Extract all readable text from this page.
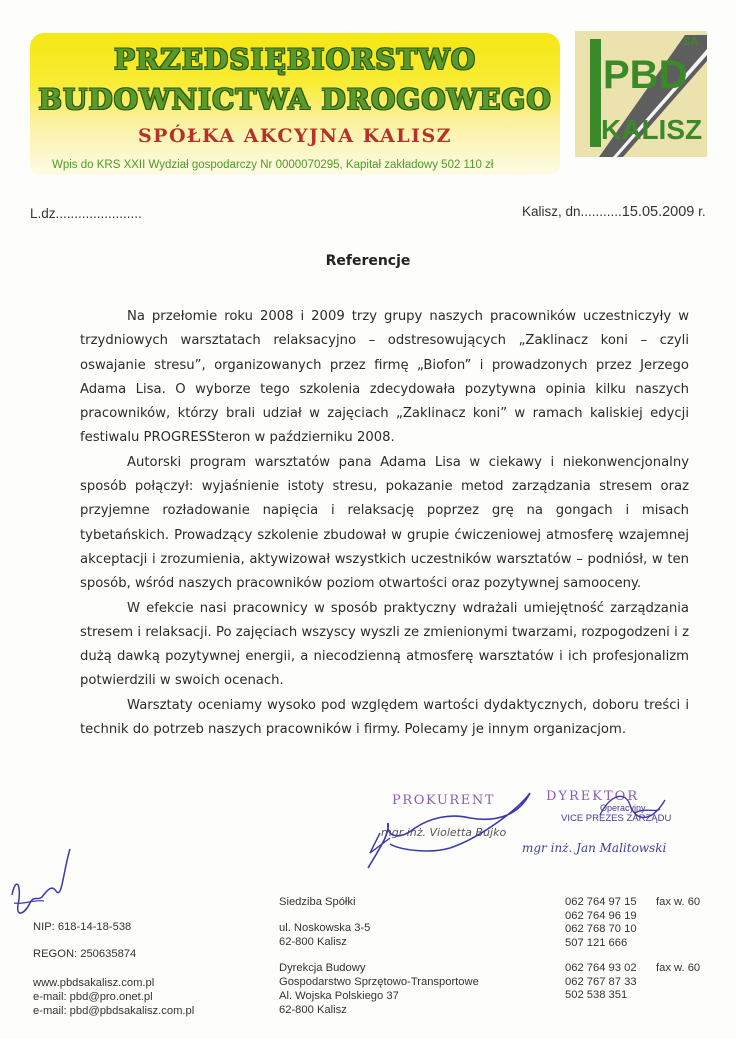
PRZEDSIĘBIORSTWO
BUDOWNICTWA DROGOWEGO
SPÓŁKA AKCYJNA KALISZ
Wpis do KRS XXII Wydział gospodarczy Nr 0000070295, Kapitał zakładowy 502 110 zł
PBD
SA
KALISZ
L.dz.......................	Kalisz, dn...........15.05.2009 r.
Referencje

Na przełomie roku 2008 i 2009 trzy grupy naszych pracowników uczestniczyły w trzydniowych warsztatach relaksacyjno – odstresowujących „Zaklinacz koni – czyli oswajanie stresu”, organizowanych przez firmę „Biofon” i prowadzonych przez Jerzego Adama Lisa. O wyborze tego szkolenia zdecydowała pozytywna opinia kilku naszych pracowników, którzy brali udział w zajęciach „Zaklinacz koni” w ramach kaliskiej edycji festiwalu PROGRESSteron w październiku 2008.

Autorski program warsztatów pana Adama Lisa w ciekawy i niekonwencjonalny sposób połączył: wyjaśnienie istoty stresu, pokazanie metod zarządzania stresem oraz przyjemne rozładowanie napięcia i relaksację poprzez grę na gongach i misach tybetańskich. Prowadzący szkolenie zbudował w grupie ćwiczeniowej atmosferę wzajemnej akceptacji i zrozumienia, aktywizował wszystkich uczestników warsztatów – podniósł, w ten sposób, wśród naszych pracowników poziom otwartości oraz pozytywnej samooceny.

W efekcie nasi pracownicy w sposób praktyczny wdrażali umiejętność zarządzania stresem i relaksacji. Po zajęciach wszyscy wyszli ze zmienionymi twarzami, rozpogodzeni i z dużą dawką pozytywnej energii, a niecodzienną atmosferę warsztatów i ich profesjonalizm potwierdzili w swoich ocenach.

Warsztaty oceniamy wysoko pod względem wartości dydaktycznych, doboru treści i technik do potrzeb naszych pracowników i firmy. Polecamy je innym organizacjom.

PROKURENT
mgr inż. Violetta Bujko
DYREKTOR
Operacyjny
VICE PREZES ZARZĄDU
mgr inż. Jan Malitowski
NIP: 618-14-18-538
REGON: 250635874
www.pbdsakalisz.com.pl
e-mail: pbd@pro.onet.pl
e-mail: pbd@pbdsakalisz.com.pl
Siedziba Spółki
ul. Noskowska 3-5
62-800 Kalisz
Dyrekcja Budowy
Gospodarstwo Sprzętowo-Transportowe
Al. Wojska Polskiego 37
62-800 Kalisz
062 764 97 15 fax w. 60
062 764 96 19
062 768 70 10
507 121 666
062 764 93 02 fax w. 60
062 767 87 33
502 538 351
